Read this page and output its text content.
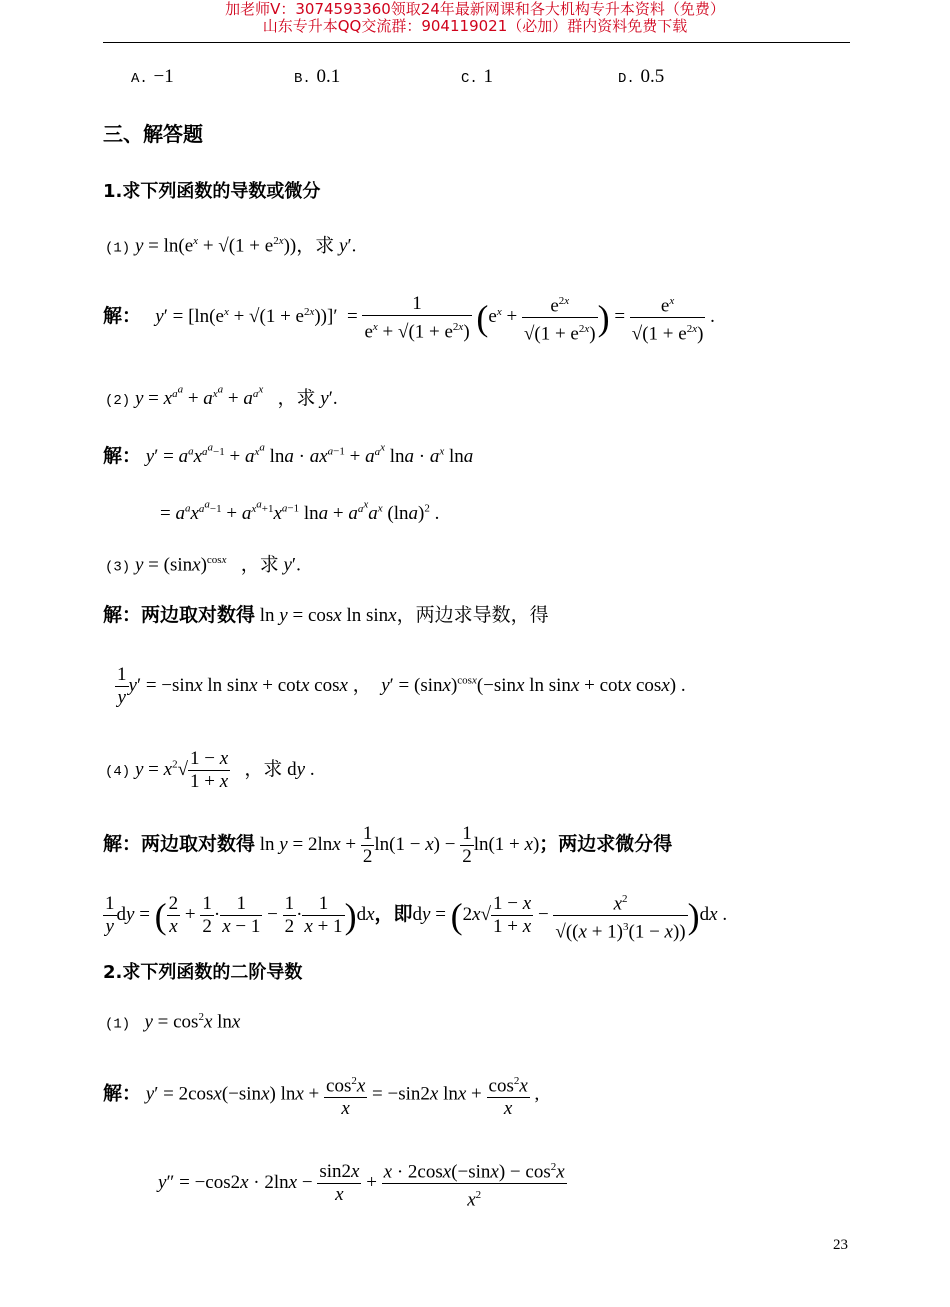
加老师V：3074593360领取24年最新网课和各大机构专升本资料（免费）
山东专升本QQ交流群：904119021（必加）群内资料免费下载
A. −1	B. 0.1	C. 1	D. 0.5
三、解答题
1.求下列函数的导数或微分
(1) $y = \ln(e^x + √(1 + e^{2x}))$，求 y′.
解： $y' = [\ln(e^x + √(1 + e^{2x}))]' = \frac{1}{e^x + √(1 + e^{2x})} (e^x + \frac{e^{2x}}{√(1 + e^{2x})}$ ) = $\frac{e^x}{√(1 + e^{2x})}$ .
(2) $y = x^{a^a} + a^{x^a} + a^{a^x}$ ，求 y′.
解： $y' = a^ax^{a^a-1} + a^{x^a}$ $\ln a \cdot ax^{a-1} + a^{a^x}$ $\ln a \cdot a^x$ lna
= $a^ax^{a^a-1} + a^{x^a+1}x^{a-1}$ $\ln a + a^{a^x}a^x$ $(\ln a)^2$ .
(3) $y = (\sin x)^{cosx}$ ，求 y′.
解：两边取对数得 ln y = cosx ln sinx，两边求导数，得
$\frac{1}{y} y' = -\sin x$ ln sinx + cotx cosx ，  $y' = (\sin x)^{cosx}(-\sin x$ ln sinx + cotx cosx) .
(4) $y = x^2√ \frac{1 - x}{1 + x}$ ，求 dy .
解：两边取对数得 $\ln y = 2\ln x + \frac{1}{2} \ln(1 - x) - \frac{1}{2} \ln(1 + x)$；两边求微分得
$\frac{1}{y}$ dy = ( $\frac{2}{x} + \frac{1}{2} \cdot \frac{1}{x - 1} - \frac{1}{2} \cdot \frac{1}{x + 1} )dx$，即dy = $(2x√ \frac{1 - x}{1 + x} - \frac{x^2}{√((x + 1)^3(1 - x))} )dx$ .
2.求下列函数的二阶导数
(1) $y = \cos^2x$ lnx
解： y′ = 2cosx(−sinx) $\ln x + \frac{\cos^2x}{x} = -\sin 2x$ $\ln x + \frac{\cos^2x}{x}$ ,
$y'' = -\cos 2x \cdot 2\ln x - \frac{\sin 2x}{x} + \frac{x \cdot 2\cos x(-\sin x) - \cos^2x}{x^2}$
23
